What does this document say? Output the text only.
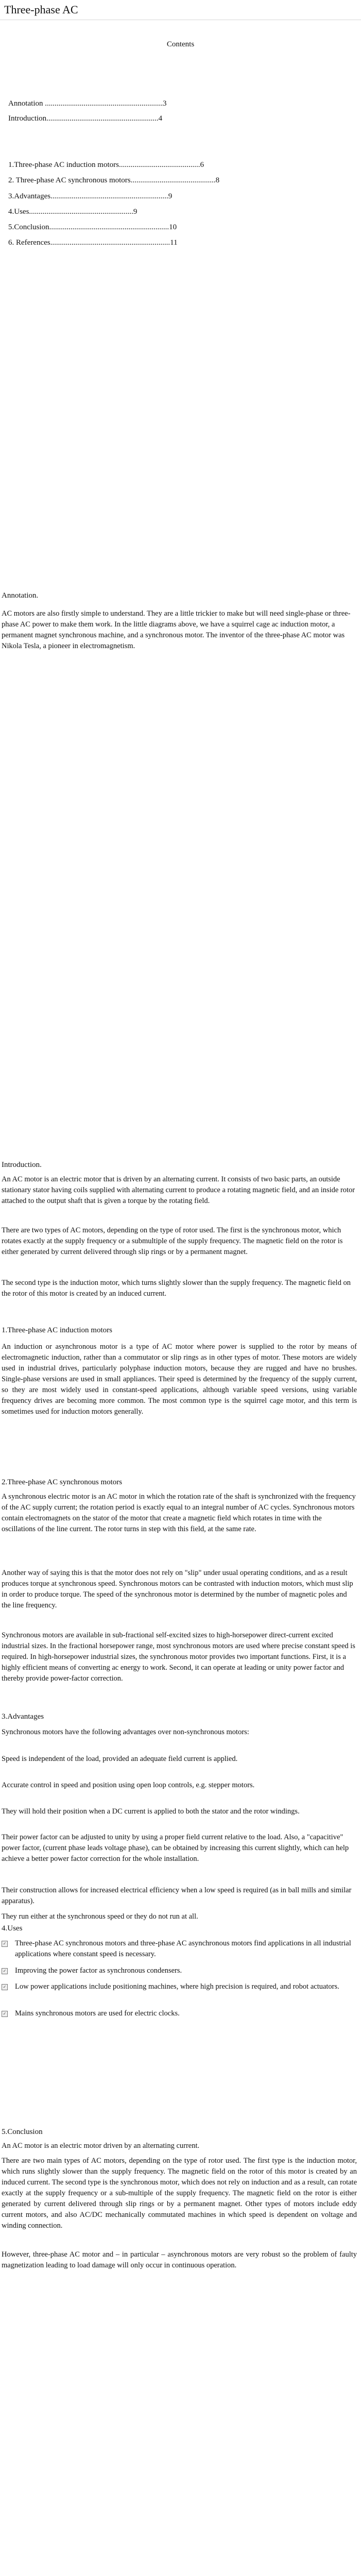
Three-phase AC
Contents
Annotation .............................................................3
Introduction..........................................................4
1.Three-phase AC induction motors..........................................6
2. Three-phase AC synchronous motors............................................8
3.Advantages.............................................................9
4.Uses......................................................9
5.Conclusion..............................................................10
6. References..............................................................11
Annotation.

AC motors are also firstly simple to understand. They are a little trickier to make but will need single-phase or three-phase AC power to make them work. In the little diagrams above, we have a squirrel cage ac induction motor, a permanent magnet synchronous machine, and a synchronous motor. The inventor of the three-phase AC motor was Nikola Tesla, a pioneer in electromagnetism.

Introduction.

An AC motor is an electric motor that is driven by an alternating current. It consists of two basic parts, an outside stationary stator having coils supplied with alternating current to produce a rotating magnetic field, and an inside rotor attached to the output shaft that is given a torque by the rotating field.

There are two types of AC motors, depending on the type of rotor used. The first is the synchronous motor, which rotates exactly at the supply frequency or a submultiple of the supply frequency. The magnetic field on the rotor is either generated by current delivered through slip rings or by a permanent magnet.

The second type is the induction motor, which turns slightly slower than the supply frequency. The magnetic field on the rotor of this motor is created by an induced current.

1.Three-phase AC induction motors

An induction or asynchronous motor is a type of AC motor where power is supplied to the rotor by means of electromagnetic induction, rather than a commutator or slip rings as in other types of motor. These motors are widely used in industrial drives, particularly polyphase induction motors, because they are rugged and have no brushes. Single-phase versions are used in small appliances. Their speed is determined by the frequency of the supply current, so they are most widely used in constant-speed applications, although variable speed versions, using variable frequency drives are becoming more common. The most common type is the squirrel cage motor, and this term is sometimes used for induction motors generally.

2.Three-phase AC synchronous motors

A synchronous electric motor is an AC motor in which the rotation rate of the shaft is synchronized with the frequency of the AC supply current; the rotation period is exactly equal to an integral number of AC cycles. Synchronous motors contain electromagnets on the stator of the motor that create a magnetic field which rotates in time with the oscillations of the line current. The rotor turns in step with this field, at the same rate.

Another way of saying this is that the motor does not rely on "slip" under usual operating conditions, and as a result produces torque at synchronous speed. Synchronous motors can be contrasted with induction motors, which must slip in order to produce torque. The speed of the synchronous motor is determined by the number of magnetic poles and the line frequency.

Synchronous motors are available in sub-fractional self-excited sizes to high-horsepower direct-current excited industrial sizes. In the fractional horsepower range, most synchronous motors are used where precise constant speed is required. In high-horsepower industrial sizes, the synchronous motor provides two important functions. First, it is a highly efficient means of converting ac energy to work. Second, it can operate at leading or unity power factor and thereby provide power-factor correction.

3.Advantages

Synchronous motors have the following advantages over non-synchronous motors:

Speed is independent of the load, provided an adequate field current is applied.

Accurate control in speed and position using open loop controls, e.g. stepper motors.

They will hold their position when a DC current is applied to both the stator and the rotor windings.

Their power factor can be adjusted to unity by using a proper field current relative to the load. Also, a "capacitive" power factor, (current phase leads voltage phase), can be obtained by increasing this current slightly, which can help achieve a better power factor correction for the whole installation.

Their construction allows for increased electrical efficiency when a low speed is required (as in ball mills and similar apparatus).

They run either at the synchronous speed or they do not run at all.

4.Uses
✓ Three-phase AC synchronous motors and three-phase AC asynchronous motors find applications in all industrial applications where constant speed is necessary.
✓ Improving the power factor as synchronous condensers.
✓ Low power applications include positioning machines, where high precision is required, and robot actuators.
✓ Mains synchronous motors are used for electric clocks.
5.Conclusion

An AC motor is an electric motor driven by an alternating current.

There are two main types of AC motors, depending on the type of rotor used. The first type is the induction motor, which runs slightly slower than the supply frequency. The magnetic field on the rotor of this motor is created by an induced current. The second type is the synchronous motor, which does not rely on induction and as a result, can rotate exactly at the supply frequency or a sub-multiple of the supply frequency. The magnetic field on the rotor is either generated by current delivered through slip rings or by a permanent magnet. Other types of motors include eddy current motors, and also AC/DC mechanically commutated machines in which speed is dependent on voltage and winding connection.

However, three-phase AC motor and – in particular – asynchronous motors are very robust so the problem of faulty magnetization leading to load damage will only occur in continuous operation.
